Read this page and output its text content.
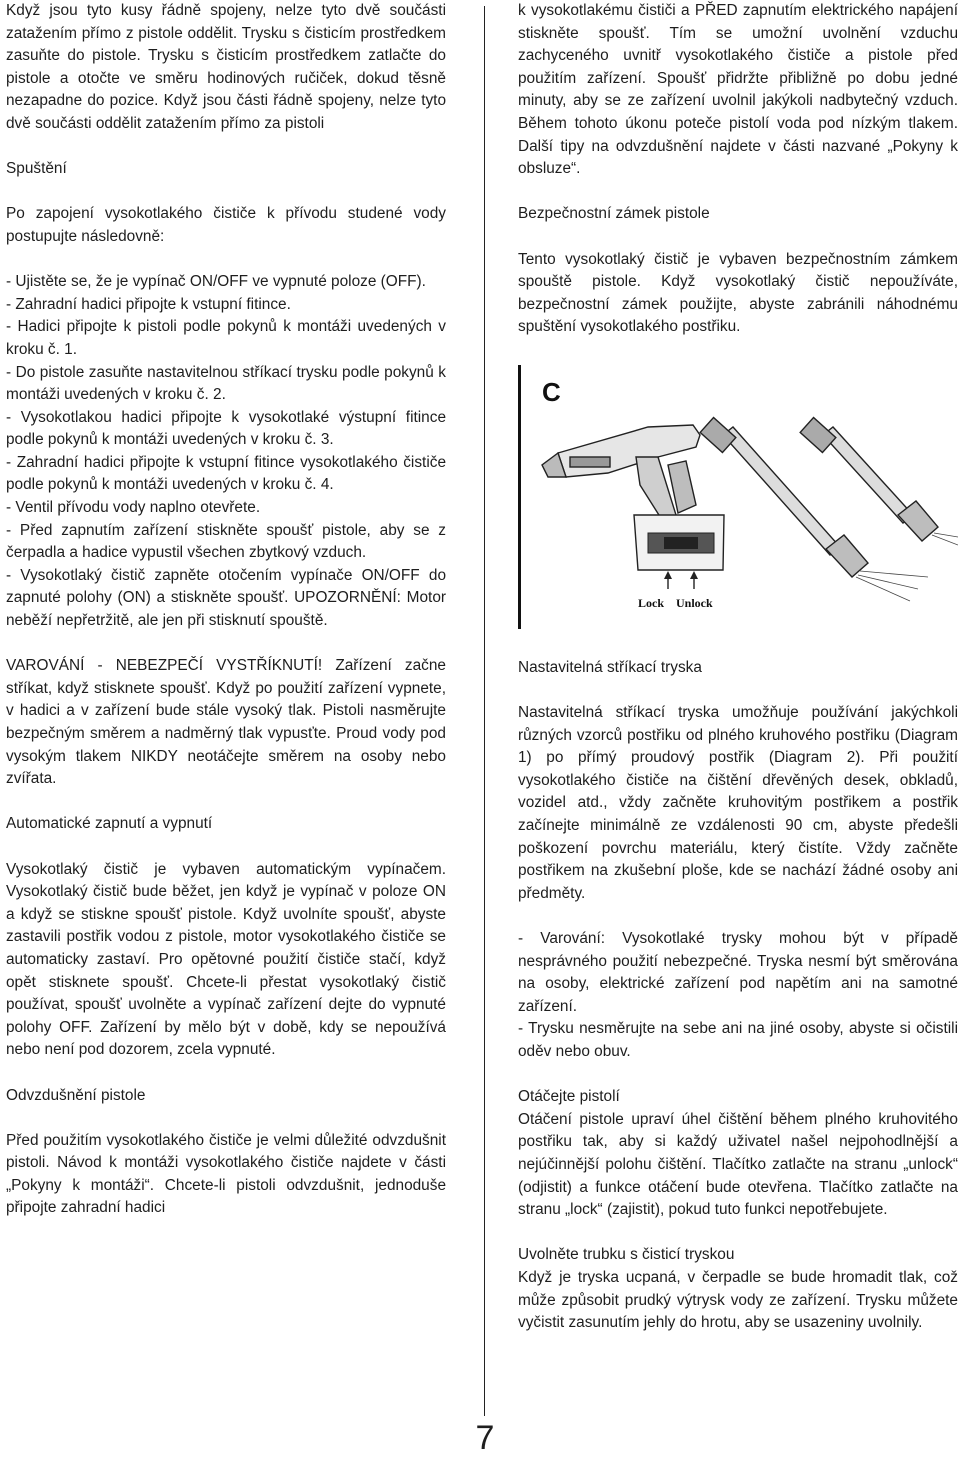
Když jsou tyto kusy řádně spojeny, nelze tyto dvě součásti zatažením přímo z pistole oddělit. Trysku s čisticím prostředkem zasuňte do pistole. Trysku s čisticím prostředkem zatlačte do pistole a otočte ve směru hodinových ručiček, dokud těsně nezapadne do pozice. Když jsou části řádně spojeny, nelze tyto dvě součásti oddělit zatažením přímo za pistoli

Spuštění

Po zapojení vysokotlakého čističe k přívodu studené vody postupujte následovně:

- Ujistěte se, že je vypínač ON/OFF ve vypnuté poloze (OFF).

- Zahradní hadici připojte k vstupní fitince.

- Hadici připojte k pistoli podle pokynů k montáži uvedených v kroku č. 1.

- Do pistole zasuňte nastavitelnou stříkací trysku podle pokynů k montáži uvedených v kroku č. 2.

- Vysokotlakou hadici připojte k vysokotlaké výstupní fitince podle pokynů k montáži uvedených v kroku č. 3.

- Zahradní hadici připojte k vstupní fitince vysokotlakého čističe podle pokynů k montáži uvedených v kroku č. 4.

- Ventil přívodu vody naplno otevřete.

- Před zapnutím zařízení stiskněte spoušť pistole, aby se z čerpadla a hadice vypustil všechen zbytkový vzduch.

- Vysokotlaký čistič zapněte otočením vypínače ON/OFF do zapnuté polohy (ON) a stiskněte spoušť. UPOZORNĚNÍ: Motor neběží nepřetržitě, ale jen při stisknutí spouště.

VAROVÁNÍ - NEBEZPEČÍ VYSTŘÍKNUTÍ! Zařízení začne stříkat, když stisknete spoušť. Když po použití zařízení vypnete, v hadici a v zařízení bude stále vysoký tlak. Pistoli nasměrujte bezpečným směrem a nadměrný tlak vypusťte. Proud vody pod vysokým tlakem NIKDY neotáčejte směrem na osoby nebo zvířata.

Automatické zapnutí a vypnutí

Vysokotlaký čistič je vybaven automatickým vypínačem. Vysokotlaký čistič bude běžet, jen když je vypínač v poloze ON a když se stiskne spoušť pistole. Když uvolníte spoušť, abyste zastavili postřik vodou z pistole, motor vysokotlakého čističe se automaticky zastaví. Pro opětovné použití čističe stačí, když opět stisknete spoušť. Chcete-li přestat vysokotlaký čistič používat, spoušť uvolněte a vypínač zařízení dejte do vypnuté polohy OFF. Zařízení by mělo být v době, kdy se nepoužívá nebo není pod dozorem, zcela vypnuté.

Odvzdušnění pistole

Před použitím vysokotlakého čističe je velmi důležité odvzdušnit pistoli. Návod k montáži vysokotlakého čističe najdete v části „Pokyny k montáži“. Chcete-li pistoli odvzdušnit, jednoduše připojte zahradní hadici

k vysokotlakému čističi a PŘED zapnutím elektrického napájení stiskněte spoušť. Tím se umožní uvolnění vzduchu zachyceného uvnitř vysokotlakého čističe a pistole před použitím zařízení. Spoušť přidržte přibližně po dobu jedné minuty, aby se ze zařízení uvolnil jakýkoli nadbytečný vzduch. Během tohoto úkonu poteče pistolí voda pod nízkým tlakem. Další tipy na odvzdušnění najdete v části nazvané „Pokyny k obsluze“.

Bezpečnostní zámek pistole

Tento vysokotlaký čistič je vybaven bezpečnostním zámkem spouště pistole. Když vysokotlaký čistič nepoužíváte, bezpečnostní zámek použijte, abyste zabránili náhodnému spuštění vysokotlakého postřiku.

C
Lock Unlock
Nastavitelná stříkací tryska

Nastavitelná stříkací tryska umožňuje používání jakýchkoli různých vzorců postřiku od plného kruhového postřiku (Diagram 1) po přímý proudový postřik (Diagram 2). Při použití vysokotlakého čističe na čištění dřevěných desek, obkladů, vozidel atd., vždy začněte kruhovitým postřikem a postřik začínejte minimálně ze vzdálenosti 90 cm, abyste předešli poškození povrchu materiálu, který čistíte. Vždy začněte postřikem na zkušební ploše, kde se nachází žádné osoby ani předměty.

- Varování: Vysokotlaké trysky mohou být v případě nesprávného použití nebezpečné. Tryska nesmí být směrována na osoby, elektrické zařízení pod napětím ani na samotné zařízení.

- Trysku nesměrujte na sebe ani na jiné osoby, abyste si očistili oděv nebo obuv.

Otáčejte pistolí

Otáčení pistole upraví úhel čištění během plného kruhovitého postřiku tak, aby si každý uživatel našel nejpohodlnější a nejúčinnější polohu čištění. Tlačítko zatlačte na stranu „unlock“ (odjistit) a funkce otáčení bude otevřena. Tlačítko zatlačte na stranu „lock“ (zajistit), pokud tuto funkci nepotřebujete.

Uvolněte trubku s čisticí tryskou

Když je tryska ucpaná, v čerpadle se bude hromadit tlak, což může způsobit prudký výtrysk vody ze zařízení. Trysku můžete vyčistit zasunutím jehly do hrotu, aby se usazeniny uvolnily.

7
